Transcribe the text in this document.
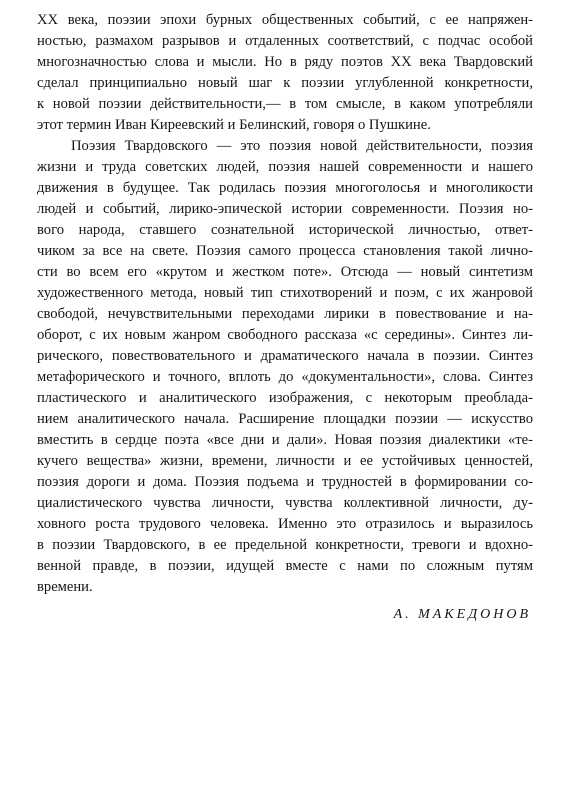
XX века, поэзии эпохи бурных общественных событий, с ее напряжен-
ностью, размахом разрывов и отдаленных соответствий, с подчас особой
многозначностью слова и мысли. Но в ряду поэтов XX века Твардовский
сделал принципиально новый шаг к поэзии углубленной конкретности,
к новой поэзии действительности,— в том смысле, в каком употребляли
этот термин Иван Киреевский и Белинский, говоря о Пушкине.
Поэзия Твардовского — это поэзия новой действительности, поэзия
жизни и труда советских людей, поэзия нашей современности и нашего
движения в будущее. Так родилась поэзия многоголосья и многоликости
людей и событий, лирико-эпической истории современности. Поэзия но-
вого народа, ставшего сознательной исторической личностью, ответ-
чиком за все на свете. Поэзия самого процесса становления такой лично-
сти во всем его «крутом и жестком поте». Отсюда — новый синтетизм
художественного метода, новый тип стихотворений и поэм, с их жанровой
свободой, нечувствительными переходами лирики в повествование и на-
оборот, с их новым жанром свободного рассказа «с середины». Синтез ли-
рического, повествовательного и драматического начала в поэзии. Синтез
метафорического и точного, вплоть до «документальности», слова. Синтез
пластического и аналитического изображения, с некоторым преоблада-
нием аналитического начала. Расширение площадки поэзии — искусство
вместить в сердце поэта «все дни и дали». Новая поэзия диалектики «те-
кучего вещества» жизни, времени, личности и ее устойчивых ценностей,
поэзия дороги и дома. Поэзия подъема и трудностей в формировании со-
циалистического чувства личности, чувства коллективной личности, ду-
ховного роста трудового человека. Именно это отразилось и выразилось
в поэзии Твардовского, в ее предельной конкретности, тревоги и вдохно-
венной правде, в поэзии, идущей вместе с нами по сложным путям
времени.
А. МАКЕДОНОВ
